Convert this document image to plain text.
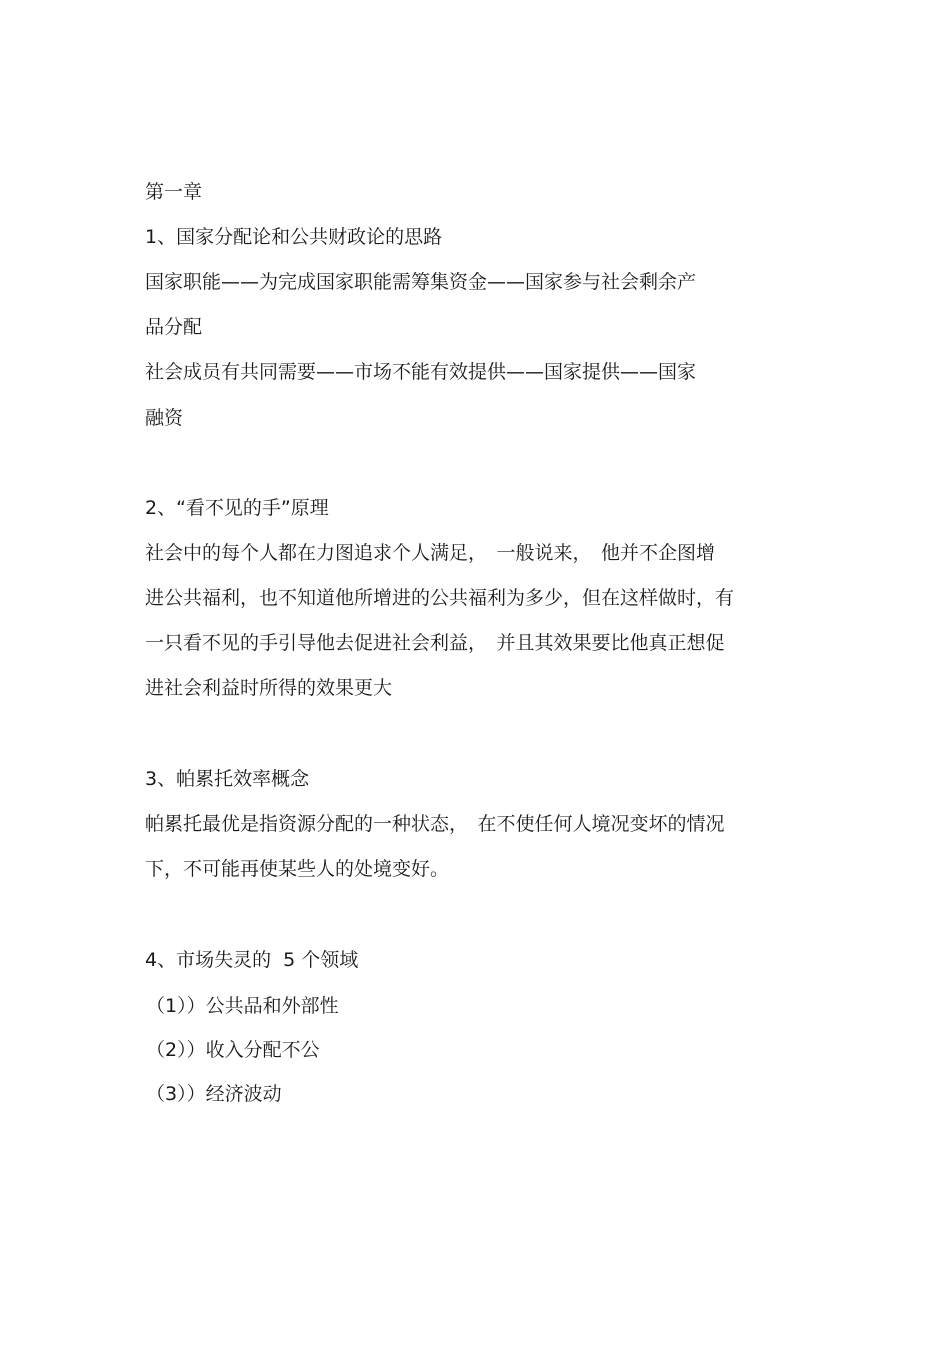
第一章

1、国家分配论和公共财政论的思路

国家职能——为完成国家职能需筹集资金——国家参与社会剩余产

品分配

社会成员有共同需要——市场不能有效提供——国家提供——国家

融资

2、“看不见的手”原理

社会中的每个人都在力图追求个人满足，　一般说来，　他并不企图增

进公共福利，也不知道他所增进的公共福利为多少，但在这样做时，有

一只看不见的手引导他去促进社会利益，　并且其效果要比他真正想促

进社会利益时所得的效果更大

3、帕累托效率概念

帕累托最优是指资源分配的一种状态，　在不使任何人境况变坏的情况

下，不可能再使某些人的处境变好。

4、市场失灵的  5 个领域

（1））公共品和外部性

（2））收入分配不公

（3））经济波动
